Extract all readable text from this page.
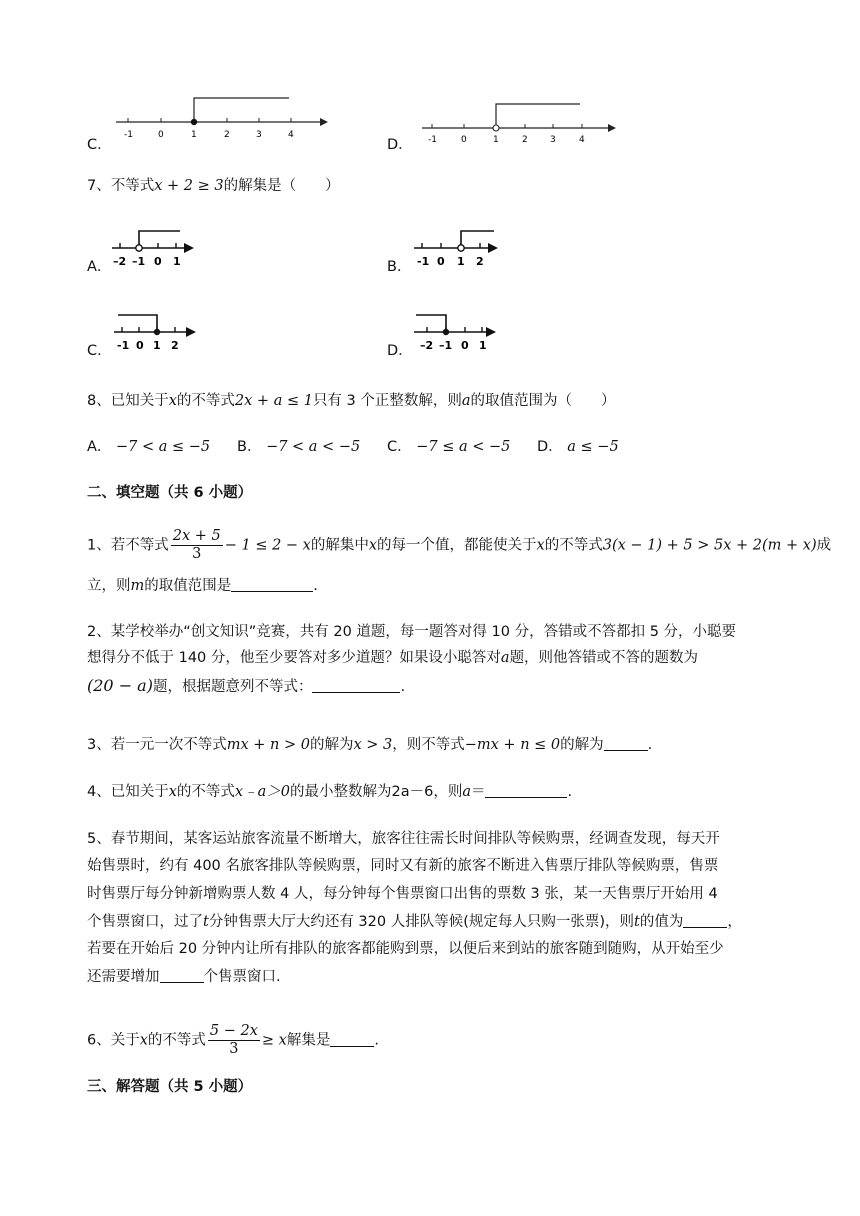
C．
-1	0	1	2	3	4
D． -1	0	1	2 3	4
7、不等式x + 2 ≥ 3的解集是（　　）
A． –2 –1 0 1	B． -1 0 1 2
C． -1 0 1 2	D． –2 –1 0 1
8、已知关于x的不等式2x + a ≤ 1只有 3 个正整数解，则a的取值范围为（　　）
A． −7 < a ≤ −5 B． −7 < a < −5 C． −7 ≤ a < −5 D． a ≤ −5
二、填空题（共 6 小题）
1、若不等式 $\frac{2x + 5}{3} - 1 \le 2 - x$的解集中x的每一个值，都能使关于x的不等式3(x − 1) + 5 > 5x + 2(m + x)成
立，则m的取值范围是	.
2、某学校举办“创文知识”竞赛，共有 20 道题，每一题答对得 10 分，答错或不答都扣 5 分，小聪要
想得分不低于 140 分，他至少要答对多少道题？如果设小聪答对a题，则他答错或不答的题数为
(20 − a)题，根据题意列不等式：	.
3、若一元一次不等式mx + n > 0的解为x > 3，则不等式−mx + n ≤ 0的解为	.
4、已知关于x的不等式x﹣a＞0的最小整数解为2a－6，则a＝	.
5、春节期间，某客运站旅客流量不断增大，旅客往往需长时间排队等候购票，经调查发现，每天开
始售票时，约有 400 名旅客排队等候购票，同时又有新的旅客不断进入售票厅排队等候购票，售票
时售票厅每分钟新增购票人数 4 人，每分钟每个售票窗口出售的票数 3 张，某一天售票厅开始用 4
个售票窗口，过了t分钟售票大厅大约还有 320 人排队等候(规定每人只购一张票)，则t的值为	，
若要在开始后 20 分钟内让所有排队的旅客都能购到票，以便后来到站的旅客随到随购，从开始至少
还需要增加	个售票窗口.
6、关于x的不等式 $\frac{5 - 2x}{3} \ge x$解集是	.
三、解答题（共 5 小题）
